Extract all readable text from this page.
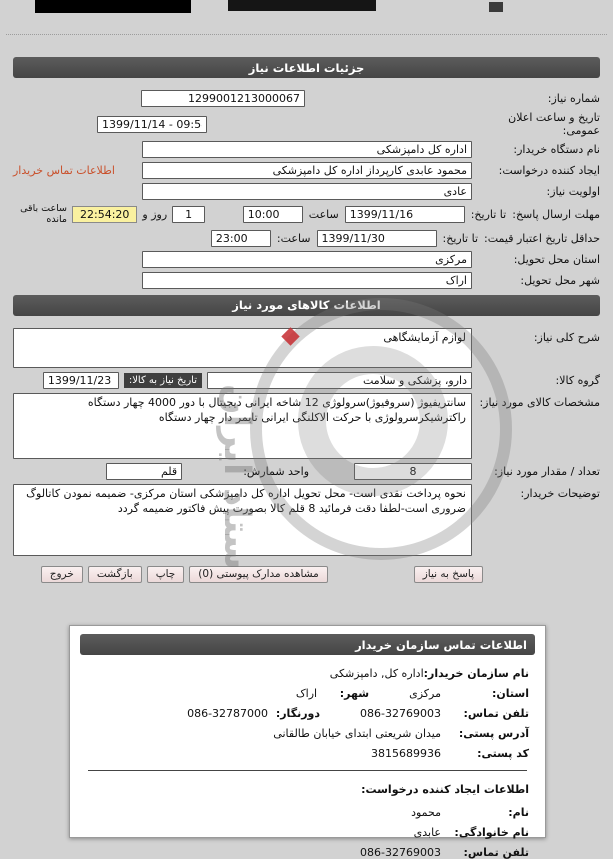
ستاد ایران
جزئیات اطلاعات نیاز
شماره نیاز:
1299001213000067
تاریخ و ساعت اعلان عمومی:
1399/11/14 - 09:58
نام دستگاه خریدار:
اداره کل دامپزشکی
ایجاد کننده درخواست:
محمود عابدی کارپرداز اداره کل دامپزشکی
اطلاعات تماس خریدار
اولویت نیاز:
عادی
مهلت ارسال پاسخ:
تا تاریخ:
1399/11/16
ساعت
10:00
1
روز و
22:54:20
ساعت باقی مانده
حداقل تاریخ اعتبار قیمت:
تا تاریخ:
1399/11/30
ساعت:
23:00
استان محل تحویل:
مرکزی
شهر محل تحویل:
اراک
اطلاعات کالاهای مورد نیاز
شرح کلی نیاز:
لوازم آزمایشگاهی
گروه کالا:
دارو، پزشکی و سلامت
تاریخ نیاز به کالا:
1399/11/23
مشخصات کالای مورد نیاز:
سانتریفیوژ (سروفیوژ)سرولوژی 12 شاخه ایرانی دیجیتال با دور 4000 چهار دستگاه راکترشیکرسرولوژی با حرکت الاکلنگی ایرانی تایمر دار چهار دستگاه
تعداد / مقدار مورد نیاز:
8
واحد شمارش:
قلم
توضیحات خریدار:
نحوه پرداخت نقدی است- محل تحویل اداره کل دامپزشکی استان مرکزی- ضمیمه نمودن کاتالوگ ضروری است-لطفا دقت فرمائید 8 قلم کالا بصورت پیش فاکتور ضمیمه گردد
پاسخ به نیاز
مشاهده مدارک پیوستی (0)
چاپ
بازگشت
خروج
اطلاعات تماس سازمان خریدار
نام سازمان خریدار:
اداره کل, دامپزشکی
استان:
مرکزی
شهر:
اراک
تلفن تماس:
086-32769003
دورنگار:
086-32787000
آدرس پستی:
میدان شریعتی ابتدای خیابان طالقانی
کد پستی:
3815689936
اطلاعات ایجاد کننده درخواست:
نام:
محمود
نام خانوادگی:
عابدی
تلفن تماس:
086-32769003
